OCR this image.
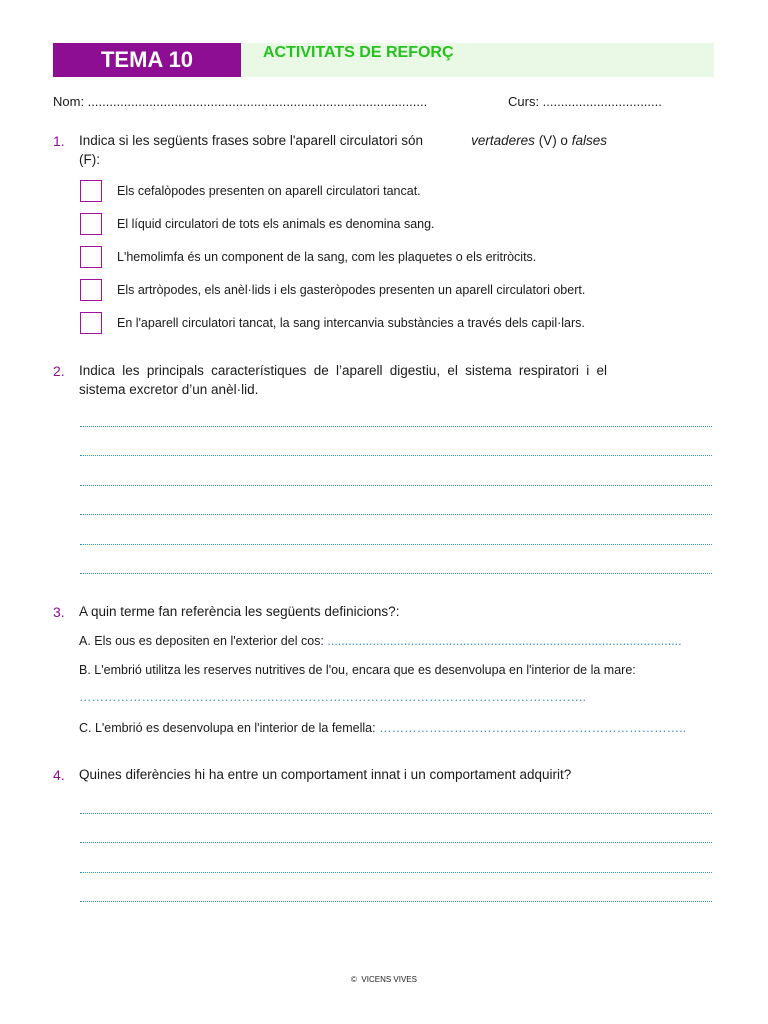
TEMA 10	ACTIVITATS DE REFORÇ
Nom: ..............................................................................................	Curs: .................................
1. Indica si les següents frases sobre l'aparell circulatori són	vertaderes (V) o falses
(F):
Els cefalòpodes presenten on aparell circulatori tancat.
El líquid circulatori de tots els animals es denomina sang.
L'hemolimfa és un component de la sang, com les plaquetes o els eritròcits.
Els artròpodes, els anèl·lids i els gasteròpodes presenten un aparell circulatori obert.
En l'aparell circulatori tancat, la sang intercanvia substàncies a través dels capil·lars.
2. Indica les principals característiques de l’aparell digestiu, el sistema respiratori i el
sistema excretor d’un anèl·lid.
3. A quin terme fan referència les següents definicions?:
A. Els ous es depositen en l'exterior del cos: ......................................................................................................
B. L'embrió utilitza les reserves nutritives de l'ou, encara que es desenvolupa en l'interior de la mare:
…………………………………………………………………………………………………………..
C. L'embrió es desenvolupa en l'interior de la femella: ………………………………………………………………..
4. Quines diferències hi ha entre un comportament innat i un comportament adquirit?
© VICENS VIVES
